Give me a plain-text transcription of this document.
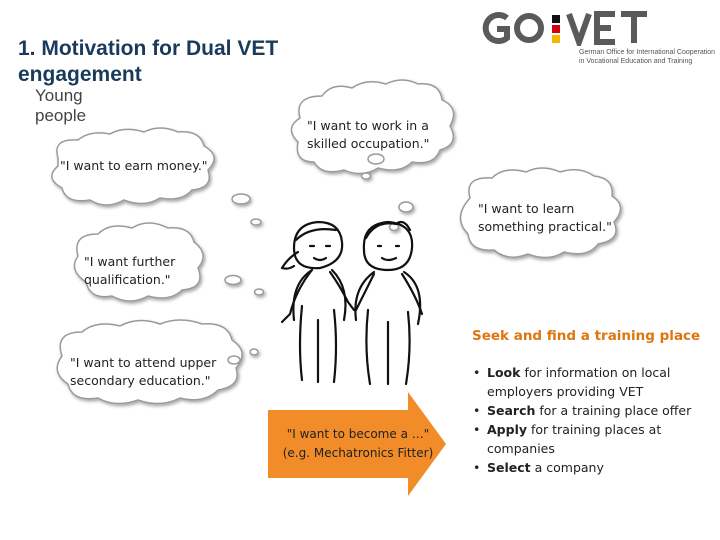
1. Motivation for Dual VET engagement
Young people
German Office for International Cooperation in Vocational Education and Training
"I want to work in a skilled occupation."
"I want to earn money."
"I want to learn something practical."
"I want further qualification."
"I want to attend upper secondary education."
"I want to become a …"
(e.g. Mechatronics Fitter)
Seek and find a training place
• Look for information on local employers providing VET
• Search for a training place offer
• Apply for training places at companies
• Select a company
